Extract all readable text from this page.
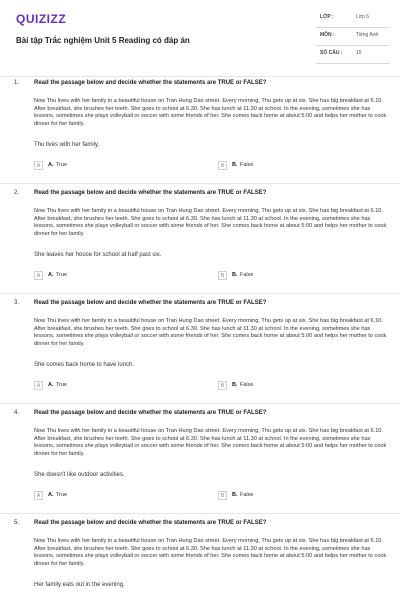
QUIZIZZ
Bài tập Trắc nghiệm Unit 5 Reading có đáp án
LỚP :	Lớp 6
MÔN :	Tiếng Anh
SỐ CÂU :	15
1. Read the passage below and decide whether the statements are TRUE or FALSE?

Now Thu lives with her family in a beautiful house on Tran Hung Dao street. Every morning, Thu gets up at six. She has big breakfast at 6.10. After breakfast, she brushes her teeth. She goes to school at 6.30. She has lunch at 11.30 at school. In the evening, sometimes she has lessons, sometimes she plays volleyball or soccer with some friends of her. She comes back home at about 5:00 and helps her mother to cook dinner for her family.

Thu lives with her family.
A	A. True	B	B. False
2. Read the passage below and decide whether the statements are TRUE or FALSE?

Now Thu lives with her family in a beautiful house on Tran Hung Dao street. Every morning, Thu gets up at six. She has big breakfast at 6.10. After breakfast, she brushes her teeth. She goes to school at 6.30. She has lunch at 11.30 at school. In the evening, sometimes she has lessons, sometimes she plays volleyball or soccer with some friends of her. She comes back home at about 5:00 and helps her mother to cook dinner for her family.

She leaves her house for school at half past six.
A	A. True	B	B. False
3. Read the passage below and decide whether the statements are TRUE or FALSE?

Now Thu lives with her family in a beautiful house on Tran Hung Dao street. Every morning, Thu gets up at six. She has big breakfast at 6.10. After breakfast, she brushes her teeth. She goes to school at 6.30. She has lunch at 11.30 at school. In the evening, sometimes she has lessons, sometimes she plays volleyball or soccer with some friends of her. She comes back home at about 5:00 and helps her mother to cook dinner for her family.

She comes back home to have lunch.
A	A. True	B	B. False
4. Read the passage below and decide whether the statements are TRUE or FALSE?

Now Thu lives with her family in a beautiful house on Tran Hung Dao street. Every morning, Thu gets up at six. She has big breakfast at 6.10. After breakfast, she brushes her teeth. She goes to school at 6.30. She has lunch at 11.30 at school. In the evening, sometimes she has lessons, sometimes she plays volleyball or soccer with some friends of her. She comes back home at about 5:00 and helps her mother to cook dinner for her family.

She doesn't like outdoor activities.
A	A. True	B	B. False
5. Read the passage below and decide whether the statements are TRUE or FALSE?

Now Thu lives with her family in a beautiful house on Tran Hung Dao street. Every morning, Thu gets up at six. She has big breakfast at 6.10. After breakfast, she brushes her teeth. She goes to school at 6.30. She has lunch at 11.30 at school. In the evening, sometimes she has lessons, sometimes she plays volleyball or soccer with some friends of her. She comes back home at about 5:00 and helps her mother to cook dinner for her family.

Her family eats out in the evening.
